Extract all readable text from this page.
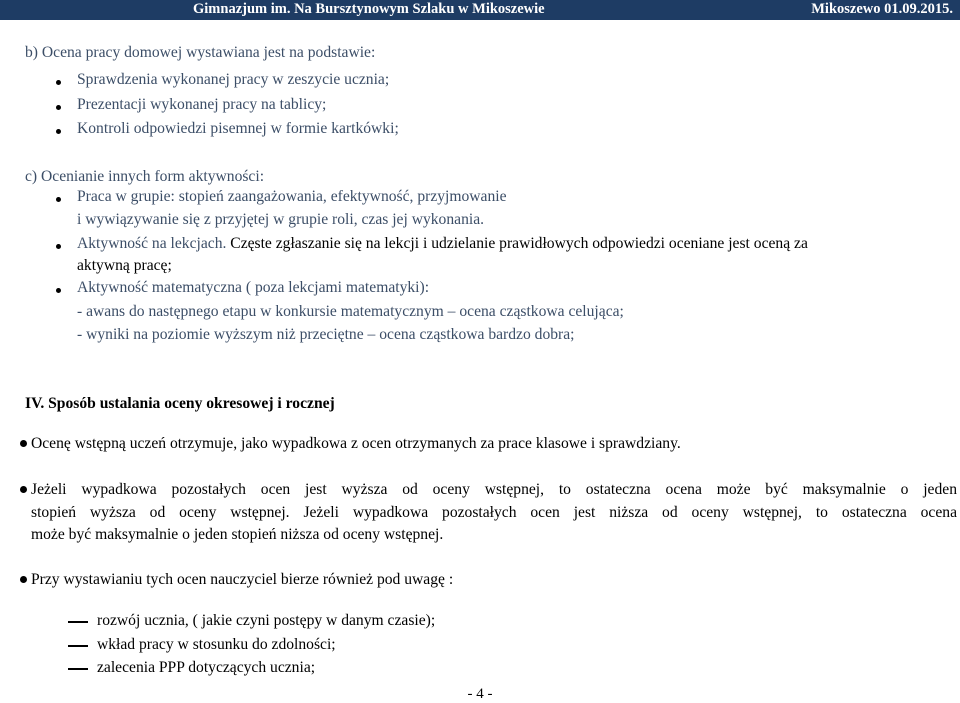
Gimnazjum im. Na Bursztynowym Szlaku w Mikoszewie	Mikoszewo 01.09.2015.
b) Ocena pracy domowej wystawiana jest na podstawie:
Sprawdzenia wykonanej pracy w zeszycie ucznia;
Prezentacji wykonanej pracy na tablicy;
Kontroli odpowiedzi pisemnej w formie kartkówki;
c) Ocenianie innych form aktywności:
Praca w grupie: stopień zaangażowania, efektywność, przyjmowanie
i wywiązywanie się z przyjętej w grupie roli, czas jej wykonania.
Aktywność na lekcjach. Częste zgłaszanie się na lekcji i udzielanie prawidłowych odpowiedzi oceniane jest oceną za
aktywną pracę;
Aktywność matematyczna ( poza lekcjami matematyki):
- awans do następnego etapu w konkursie matematycznym – ocena cząstkowa celująca;
- wyniki na poziomie wyższym niż przeciętne – ocena cząstkowa bardzo dobra;
IV. Sposób ustalania oceny okresowej i rocznej
Ocenę wstępną uczeń otrzymuje, jako wypadkowa z ocen otrzymanych za prace klasowe i sprawdziany.
Jeżeli wypadkowa pozostałych ocen jest wyższa od oceny wstępnej, to ostateczna ocena może być maksymalnie o jeden
stopień wyższa od oceny wstępnej. Jeżeli wypadkowa pozostałych ocen jest niższa od oceny wstępnej, to ostateczna ocena
może być maksymalnie o jeden stopień niższa od oceny wstępnej.
Przy wystawianiu tych ocen nauczyciel bierze również pod uwagę :
rozwój ucznia, ( jakie czyni postępy w danym czasie);
wkład pracy w stosunku do zdolności;
zalecenia PPP dotyczących ucznia;
- 4 -
